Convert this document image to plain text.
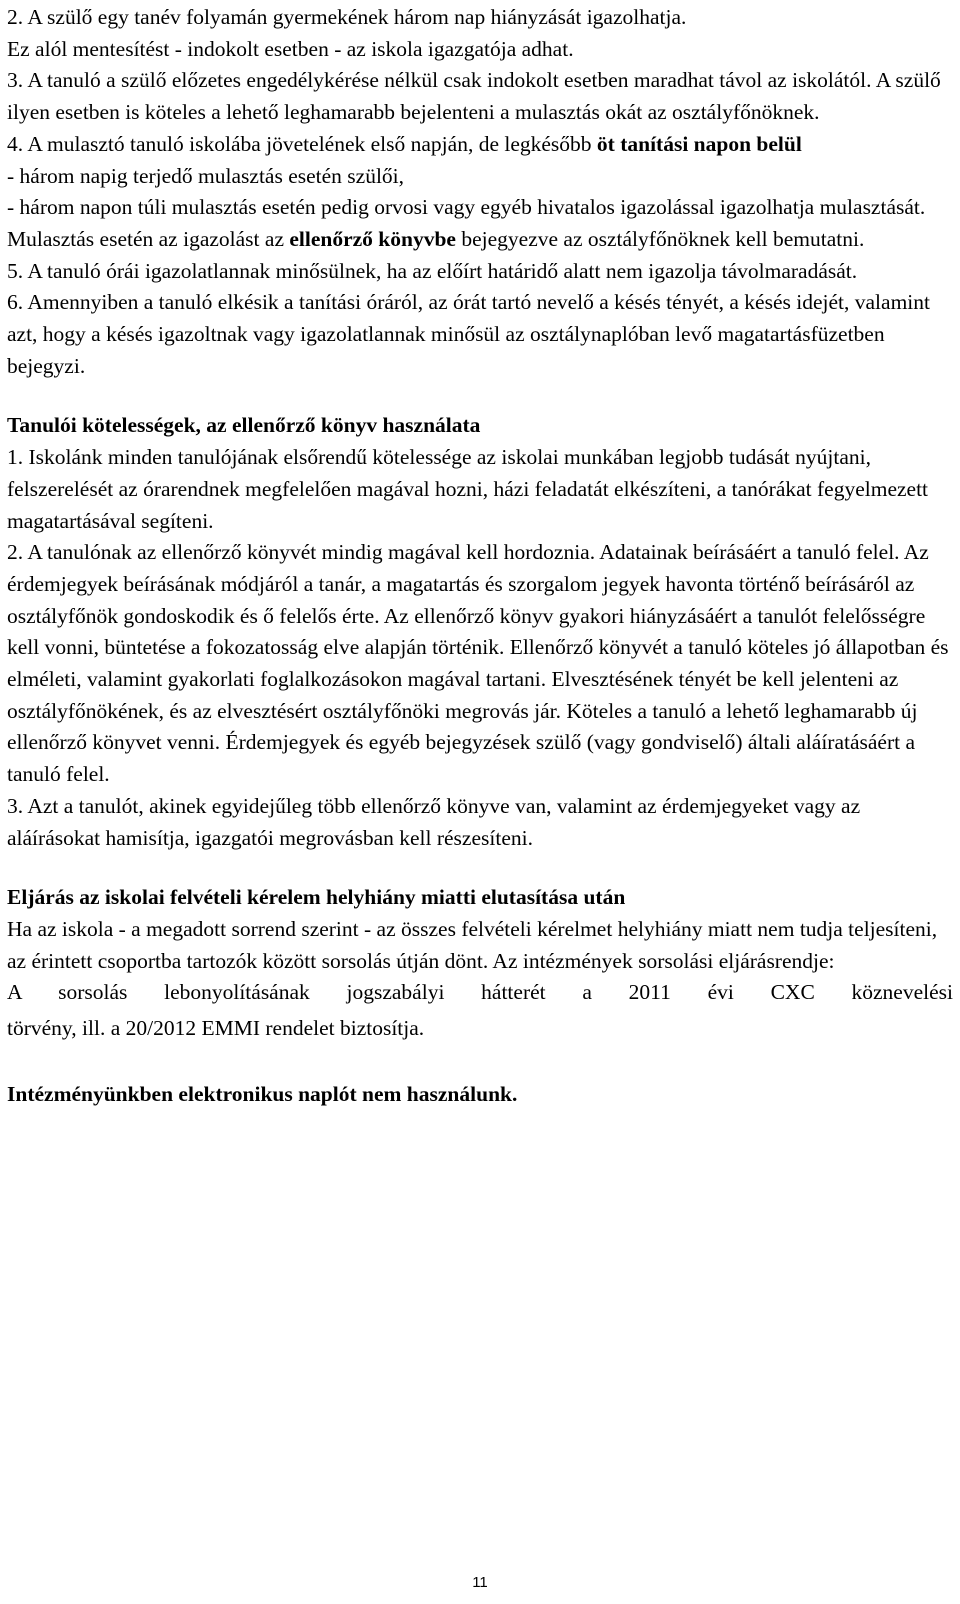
2. A szülő egy tanév folyamán gyermekének három nap hiányzását igazolhatja.
Ez alól mentesítést - indokolt esetben - az iskola igazgatója adhat.

3. A tanuló a szülő előzetes engedélykérése nélkül csak indokolt esetben maradhat távol az iskolától. A szülő ilyen esetben is köteles a lehető leghamarabb bejelenteni a mulasztás okát az osztályfőnöknek.

4. A mulasztó tanuló iskolába jövetelének első napján, de legkésőbb öt tanítási napon belül
- három napig terjedő mulasztás esetén szülői,
- három napon túli mulasztás esetén pedig orvosi vagy egyéb hivatalos igazolással igazolhatja mulasztását. Mulasztás esetén az igazolást az ellenőrző könyvbe bejegyezve az osztályfőnöknek kell bemutatni.

5. A tanuló órái igazolatlannak minősülnek, ha az előírt határidő alatt nem igazolja távolmaradását.

6. Amennyiben a tanuló elkésik a tanítási óráról, az órát tartó nevelő a késés tényét, a késés idejét, valamint azt, hogy a késés igazoltnak vagy igazolatlannak minősül az osztálynaplóban levő magatartásfüzetben bejegyzi.

Tanulói kötelességek, az ellenőrző könyv használata

1. Iskolánk minden tanulójának elsőrendű kötelessége az iskolai munkában legjobb tudását nyújtani, felszerelését az órarendnek megfelelően magával hozni, házi feladatát elkészíteni, a tanórákat fegyelmezett magatartásával segíteni.

2. A tanulónak az ellenőrző könyvét mindig magával kell hordoznia. Adatainak beírásáért a tanuló felel. Az érdemjegyek beírásának módjáról a tanár, a magatartás és szorgalom jegyek havonta történő beírásáról az osztályfőnök gondoskodik és ő felelős érte. Az ellenőrző könyv gyakori hiányzásáért a tanulót felelősségre kell vonni, büntetése a fokozatosság elve alapján történik. Ellenőrző könyvét a tanuló köteles jó állapotban és elméleti, valamint gyakorlati foglalkozásokon magával tartani. Elvesztésének tényét be kell jelenteni az osztályfőnökének, és az elvesztésért osztályfőnöki megrovás jár. Köteles a tanuló a lehető leghamarabb új ellenőrző könyvet venni. Érdemjegyek és egyéb bejegyzések szülő (vagy gondviselő) általi aláíratásáért a tanuló felel.

3. Azt a tanulót, akinek egyidejűleg több ellenőrző könyve van, valamint az érdemjegyeket vagy az aláírásokat hamisítja, igazgatói megrovásban kell részesíteni.

Eljárás az iskolai felvételi kérelem helyhiány miatti elutasítása után

Ha az iskola - a megadott sorrend szerint - az összes felvételi kérelmet helyhiány miatt nem tudja teljesíteni, az érintett csoportba tartozók között sorsolás útján dönt. Az intézmények sorsolási eljárásrendje:

A sorsolás lebonyolításának jogszabályi hátterét a 2011 évi CXC köznevelési

törvény, ill. a 20/2012 EMMI rendelet biztosítja.

Intézményünkben elektronikus naplót nem használunk.

11
